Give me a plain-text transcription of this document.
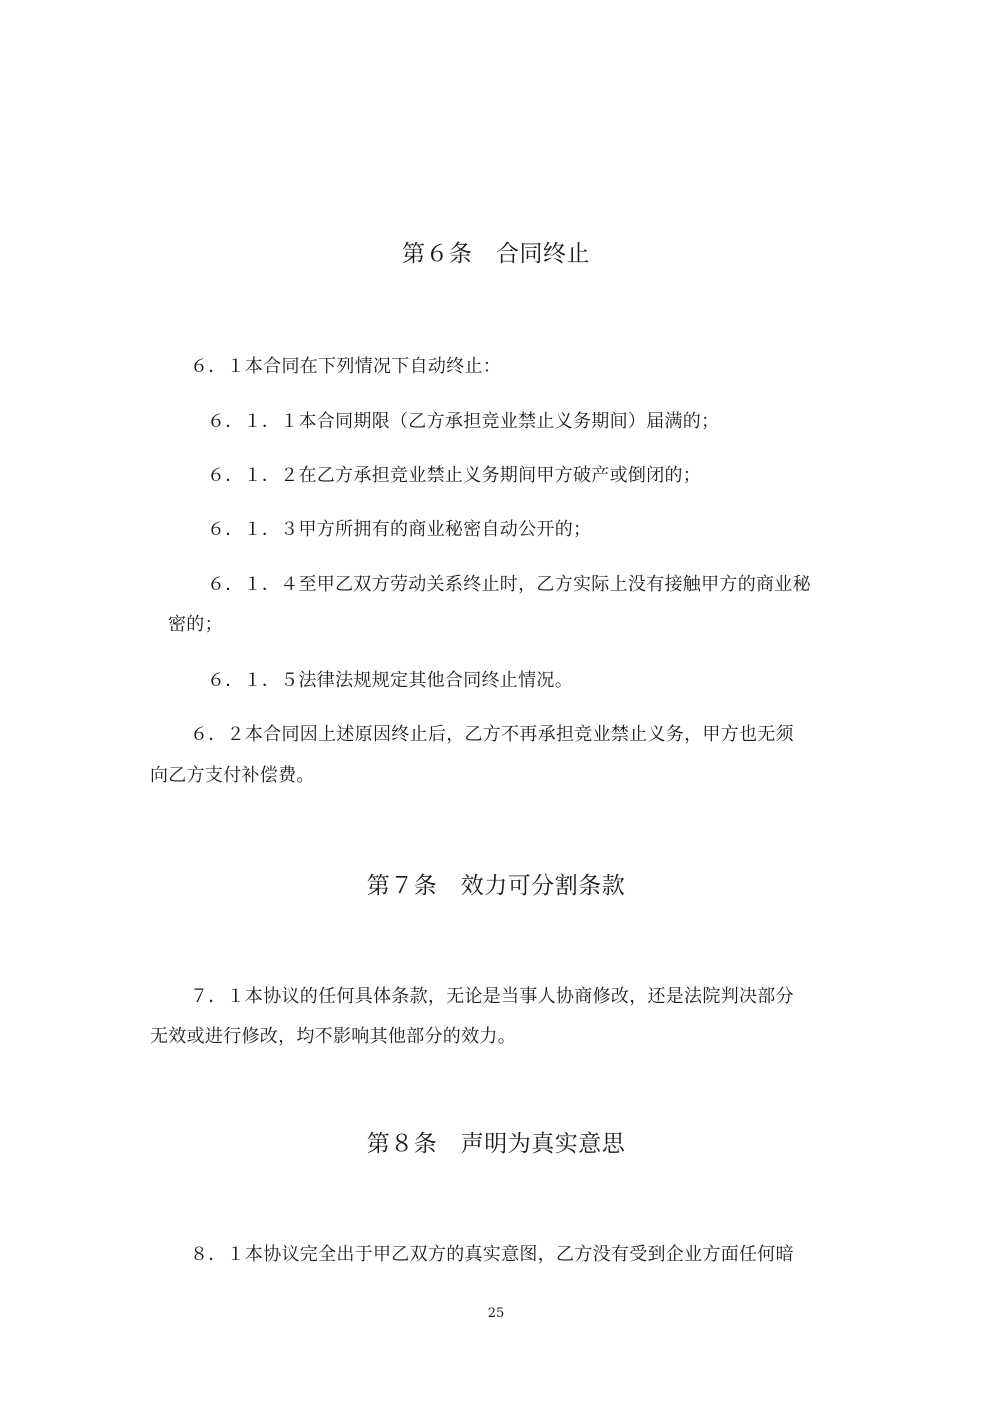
第６条　合同终止
６．１本合同在下列情况下自动终止：
６．１．１本合同期限（乙方承担竞业禁止义务期间）届满的；
６．１．２在乙方承担竞业禁止义务期间甲方破产或倒闭的；
６．１．３甲方所拥有的商业秘密自动公开的；
６．１．４至甲乙双方劳动关系终止时，乙方实际上没有接触甲方的商业秘
密的；
６．１．５法律法规规定其他合同终止情况。
６．２本合同因上述原因终止后，乙方不再承担竞业禁止义务，甲方也无须
向乙方支付补偿费。
第７条　效力可分割条款
７．１本协议的任何具体条款，无论是当事人协商修改，还是法院判决部分
无效或进行修改，均不影响其他部分的效力。
第８条　声明为真实意思
８．１本协议完全出于甲乙双方的真实意图，乙方没有受到企业方面任何暗
25
